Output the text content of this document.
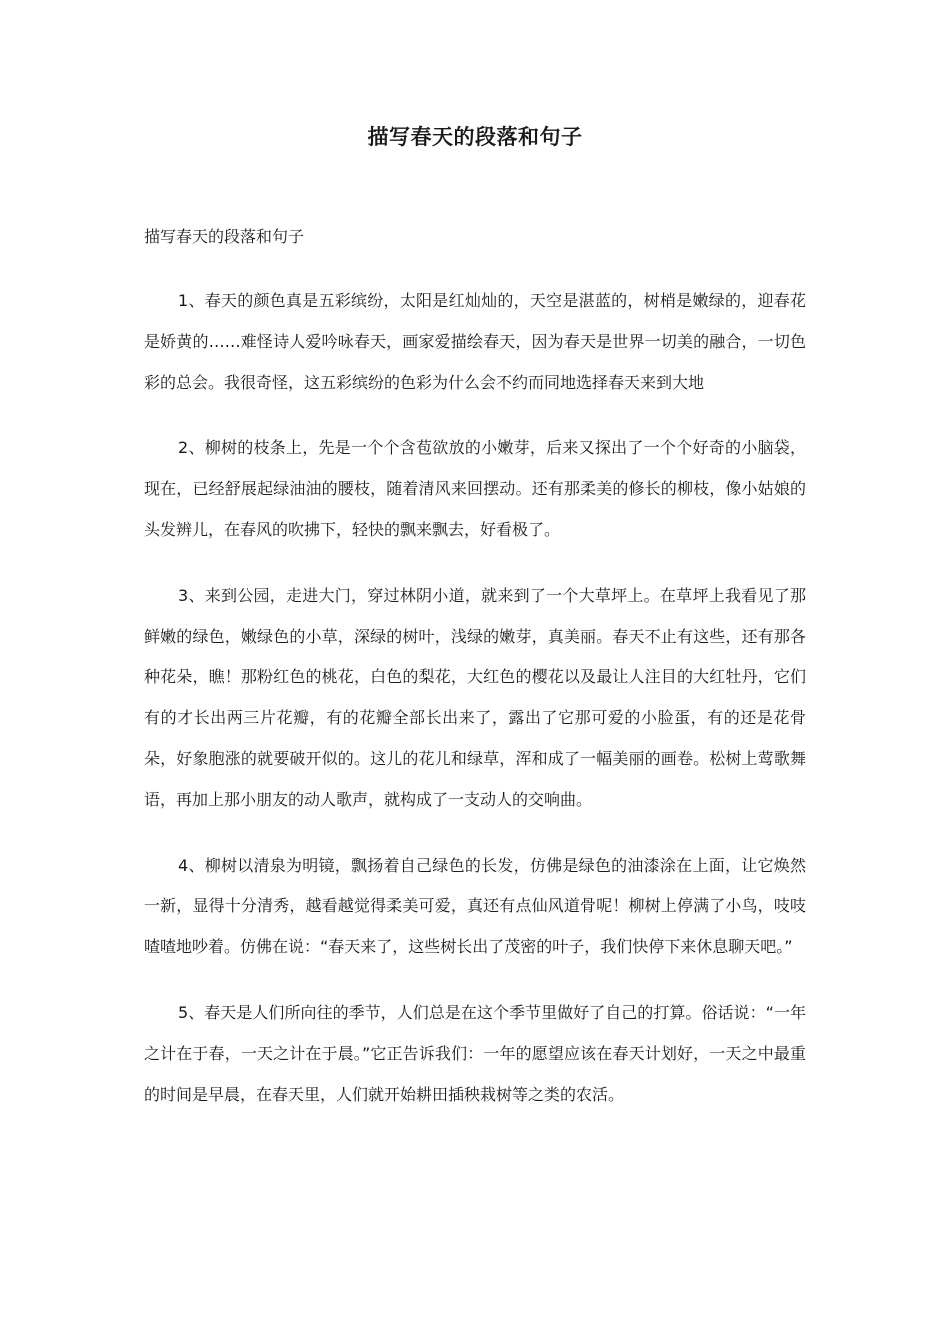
描写春天的段落和句子

描写春天的段落和句子

1、春天的颜色真是五彩缤纷，太阳是红灿灿的，天空是湛蓝的，树梢是嫩绿的，迎春花是娇黄的……难怪诗人爱吟咏春天，画家爱描绘春天，因为春天是世界一切美的融合，一切色彩的总会。我很奇怪，这五彩缤纷的色彩为什么会不约而同地选择春天来到大地

2、柳树的枝条上，先是一个个含苞欲放的小嫩芽，后来又探出了一个个好奇的小脑袋，现在，已经舒展起绿油油的腰枝，随着清风来回摆动。还有那柔美的修长的柳枝，像小姑娘的头发辨儿，在春风的吹拂下，轻快的飘来飘去，好看极了。

3、来到公园，走进大门，穿过林阴小道，就来到了一个大草坪上。在草坪上我看见了那鲜嫩的绿色，嫩绿色的小草，深绿的树叶，浅绿的嫩芽，真美丽。春天不止有这些，还有那各种花朵，瞧！那粉红色的桃花，白色的梨花，大红色的樱花以及最让人注目的大红牡丹，它们有的才长出两三片花瓣，有的花瓣全部长出来了，露出了它那可爱的小脸蛋，有的还是花骨朵，好象胞涨的就要破开似的。这儿的花儿和绿草，浑和成了一幅美丽的画卷。松树上莺歌舞语，再加上那小朋友的动人歌声，就构成了一支动人的交响曲。

4、柳树以清泉为明镜，飘扬着自己绿色的长发，仿佛是绿色的油漆涂在上面，让它焕然一新，显得十分清秀，越看越觉得柔美可爱，真还有点仙风道骨呢！柳树上停满了小鸟，吱吱喳喳地吵着。仿佛在说：“春天来了，这些树长出了茂密的叶子，我们快停下来休息聊天吧。”

5、春天是人们所向往的季节，人们总是在这个季节里做好了自己的打算。俗话说：“一年之计在于春，一天之计在于晨。”它正告诉我们：一年的愿望应该在春天计划好，一天之中最重的时间是早晨，在春天里，人们就开始耕田插秧栽树等之类的农活。
